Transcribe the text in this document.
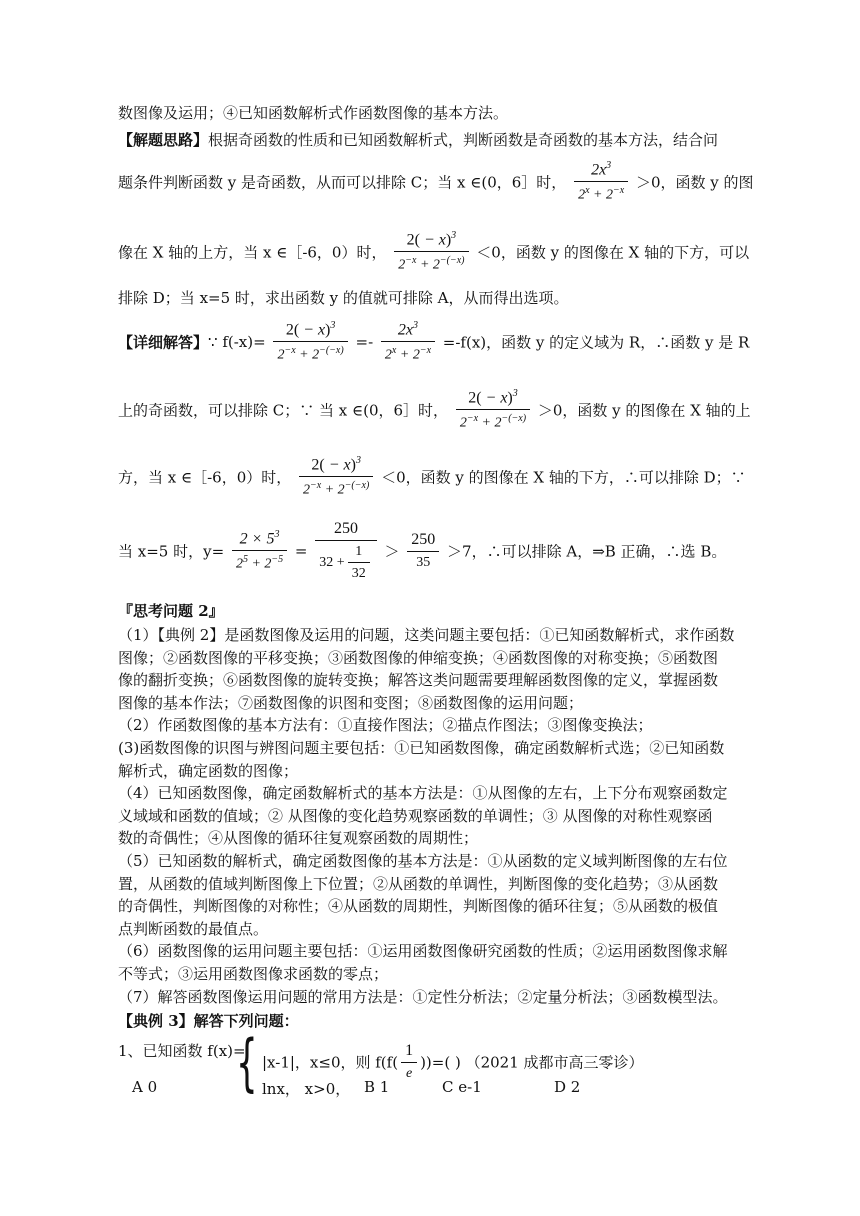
数图像及运用；④已知函数解析式作函数图像的基本方法。
【解题思路】根据奇函数的性质和已知函数解析式，判断函数是奇函数的基本方法，结合问
题条件判断函数 y 是奇函数，从而可以排除 C；当 x ∈(0，6］时， $\frac{2x^3}{2^x + 2^{-x}} >0$，函数 y 的图
像在 X 轴的上方，当 x ∈［-6，0）时， $\frac{2( - x)^3}{2^{-x} + 2^{-(-x)}} <0$，函数 y 的图像在 X 轴的下方，可以
排除 D；当 x=5 时，求出函数 y 的值就可排除 A，从而得出选项。
【详细解答】∵ $f(-x)= \frac{2( - x)^3}{2^{-x} + 2^{-(-x)}} =- \frac{2x^3}{2^x + 2^{-x}} =-f(x)$，函数 y 的定义域为 R，∴函数 y 是 R
上的奇函数，可以排除 C；∵ 当 x ∈(0，6］时， $\frac{2( - x)^3}{2^{-x} + 2^{-(-x)}} >0$，函数 y 的图像在 X 轴的上
方，当 x ∈［-6，0）时， $\frac{2( - x)^3}{2^{-x} + 2^{-(-x)}} <0$，函数 y 的图像在 X 轴的下方，∴可以排除 D；∵
当 x=5 时，$y= \frac{2 \times 5^3}{2^5 + 2^{-5}} = \frac{250}{32 + \frac{1}{32}} > \frac{250}{35} >7$，∴可以排除 A，⇒B 正确，∴选 B。
『思考问题 2』
（1）【典例 2】是函数图像及运用的问题，这类问题主要包括：①已知函数解析式，求作函数
图像；②函数图像的平移变换；③函数图像的伸缩变换；④函数图像的对称变换；⑤函数图
像的翻折变换；⑥函数图像的旋转变换；解答这类问题需要理解函数图像的定义，掌握函数
图像的基本作法；⑦函数图像的识图和变图；⑧函数图像的运用问题；
（2）作函数图像的基本方法有：①直接作图法；②描点作图法；③图像变换法；
(3)函数图像的识图与辨图问题主要包括：①已知函数图像，确定函数解析式选；②已知函数
解析式，确定函数的图像；
（4）已知函数图像，确定函数解析式的基本方法是：①从图像的左右，上下分布观察函数定
义域域和函数的值域；② 从图像的变化趋势观察函数的单调性；③ 从图像的对称性观察函
数的奇偶性；④从图像的循环往复观察函数的周期性；
（5）已知函数的解析式，确定函数图像的基本方法是：①从函数的定义域判断图像的左右位
置，从函数的值域判断图像上下位置；②从函数的单调性，判断图像的变化趋势；③从函数
的奇偶性，判断图像的对称性；④从函数的周期性，判断图像的循环往复；⑤从函数的极值
点判断函数的最值点。
（6）函数图像的运用问题主要包括：①运用函数图像研究函数的性质；②运用函数图像求解
不等式；③运用函数图像求函数的零点；
（7）解答函数图像运用问题的常用方法是：①定性分析法；②定量分析法；③函数模型法。
【典例 3】解答下列问题：
1、已知函数 f(x)=
{ |x-1|，x≤0，则 $f(f( \frac{1}{e}$ ))=( ) （2021 成都市高三零诊）
lnx， x>0，
A 0	B 1	C e-1	D 2
